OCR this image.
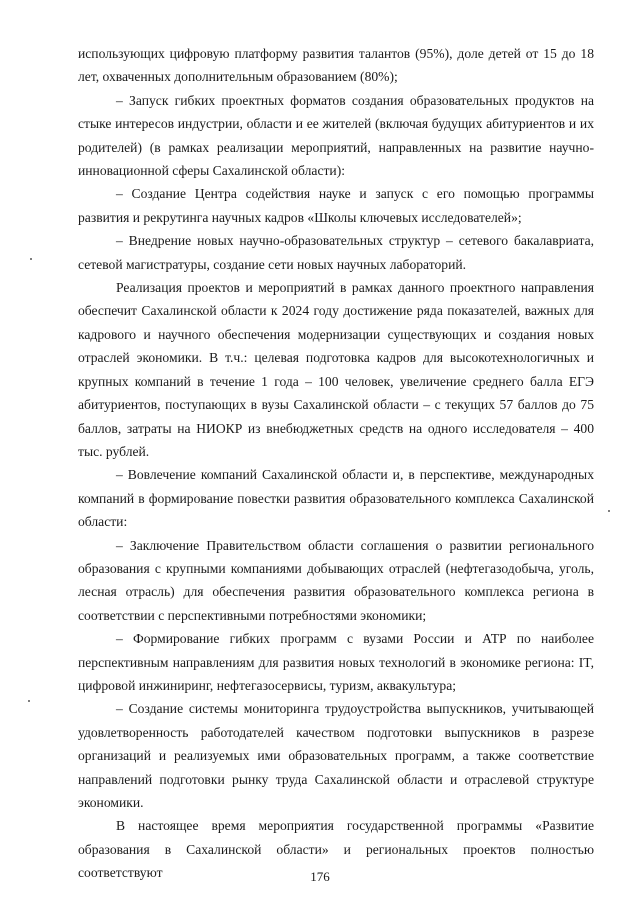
использующих цифровую платформу развития талантов (95%), доле детей от 15 до 18 лет, охваченных дополнительным образованием (80%);

– Запуск гибких проектных форматов создания образовательных продуктов на стыке интересов индустрии, области и ее жителей (включая будущих абитуриентов и их родителей) (в рамках реализации мероприятий, направленных на развитие научно-инновационной сферы Сахалинской области):

– Создание Центра содействия науке и запуск с его помощью программы развития и рекрутинга научных кадров «Школы ключевых исследователей»;

– Внедрение новых научно-образовательных структур – сетевого бакалавриата, сетевой магистратуры, создание сети новых научных лабораторий.

Реализация проектов и мероприятий в рамках данного проектного направления обеспечит Сахалинской области к 2024 году достижение ряда показателей, важных для кадрового и научного обеспечения модернизации существующих и создания новых отраслей экономики. В т.ч.: целевая подготовка кадров для высокотехнологичных и крупных компаний в течение 1 года – 100 человек, увеличение среднего балла ЕГЭ абитуриентов, поступающих в вузы Сахалинской области – с текущих 57 баллов до 75 баллов, затраты на НИОКР из внебюджетных средств на одного исследователя – 400 тыс. рублей.

– Вовлечение компаний Сахалинской области и, в перспективе, международных компаний в формирование повестки развития образовательного комплекса Сахалинской области:

– Заключение Правительством области соглашения о развитии регионального образования с крупными компаниями добывающих отраслей (нефтегазодобыча, уголь, лесная отрасль) для обеспечения развития образовательного комплекса региона в соответствии с перспективными потребностями экономики;

– Формирование гибких программ с вузами России и АТР по наиболее перспективным направлениям для развития новых технологий в экономике региона: IT, цифровой инжиниринг, нефтегазосервисы, туризм, аквакультура;

– Создание системы мониторинга трудоустройства выпускников, учитывающей удовлетворенность работодателей качеством подготовки выпускников в разрезе организаций и реализуемых ими образовательных программ, а также соответствие направлений подготовки рынку труда Сахалинской области и отраслевой структуре экономики.

В настоящее время мероприятия государственной программы «Развитие образования в Сахалинской области» и региональных проектов полностью соответствуют	176
